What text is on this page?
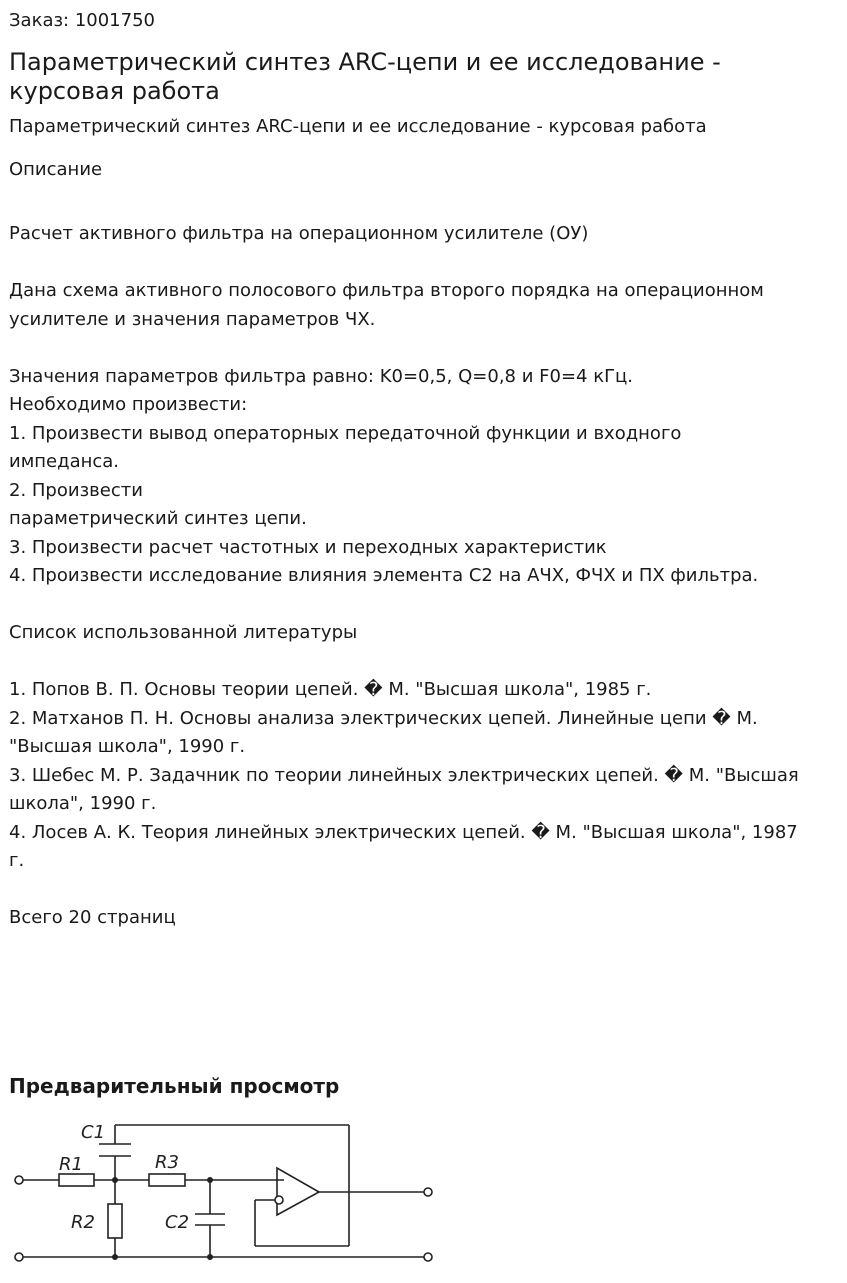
Заказ: 1001750
Параметрический синтез ARC-цепи и ее исследование - курсовая работа
Параметрический синтез ARC-цепи и ее исследование - курсовая работа
Описание
Расчет активного фильтра на операционном усилителе (ОУ)
Дана схема активного полосового фильтра второго порядка на операционном
усилителе и значения параметров ЧХ.
Значения параметров фильтра равно: K0=0,5, Q=0,8 и F0=4 кГц.
Необходимо произвести:
1. Произвести вывод операторных передаточной функции и входного
импеданса.
2. Произвести
параметрический синтез цепи.
3. Произвести расчет частотных и переходных характеристик
4. Произвести исследование влияния элемента С2 на АЧХ, ФЧХ и ПХ фильтра.
Список использованной литературы
1. Попов В. П. Основы теории цепей. � М. "Высшая школа", 1985 г.
2. Матханов П. Н. Основы анализа электрических цепей. Линейные цепи � М.
"Высшая школа", 1990 г.
3. Шебес М. Р. Задачник по теории линейных электрических цепей. � М. "Высшая
школа", 1990 г.
4. Лосев А. К. Теория линейных электрических цепей. � М. "Высшая школа", 1987
г.
Всего 20 страниц
Предварительный просмотр
C1
R1	R3
R2	C2
